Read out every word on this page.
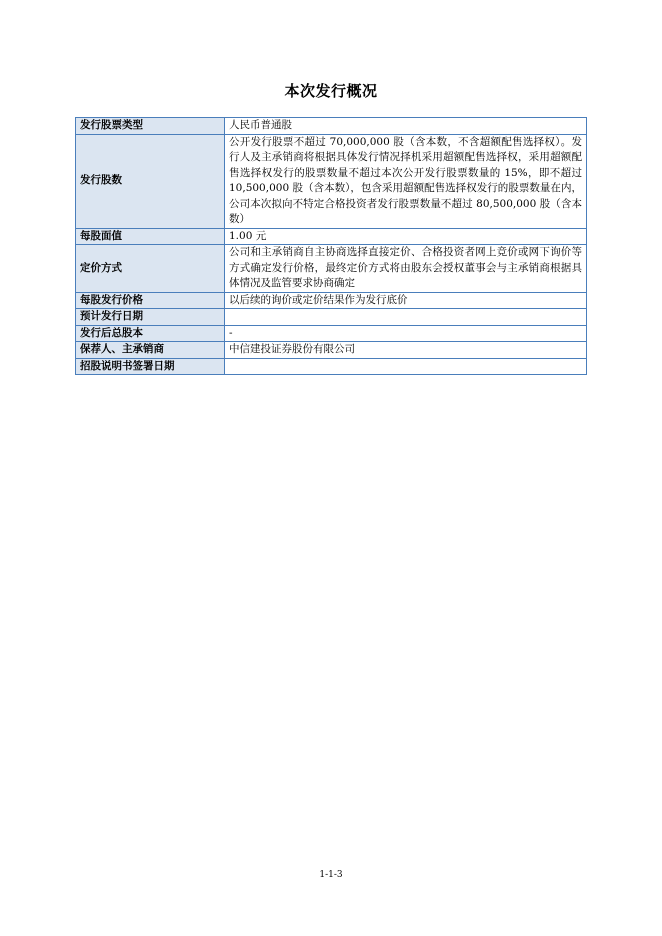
本次发行概况
发行股票类型	人民币普通股
发行股数	公开发行股票不超过 70,000,000 股（含本数，不含超额配售选择权）。发行人及主承销商将根据具体发行情况择机采用超额配售选择权，采用超额配售选择权发行的股票数量不超过本次公开发行股票数量的 15%，即不超过 10,500,000 股（含本数），包含采用超额配售选择权发行的股票数量在内，公司本次拟向不特定合格投资者发行股票数量不超过 80,500,000 股（含本数）
每股面值	1.00 元
定价方式	公司和主承销商自主协商选择直接定价、合格投资者网上竞价或网下询价等方式确定发行价格，最终定价方式将由股东会授权董事会与主承销商根据具体情况及监管要求协商确定
每股发行价格	以后续的询价或定价结果作为发行底价
预计发行日期	
发行后总股本	-
保荐人、主承销商	中信建投证券股份有限公司
招股说明书签署日期	
1-1-3
